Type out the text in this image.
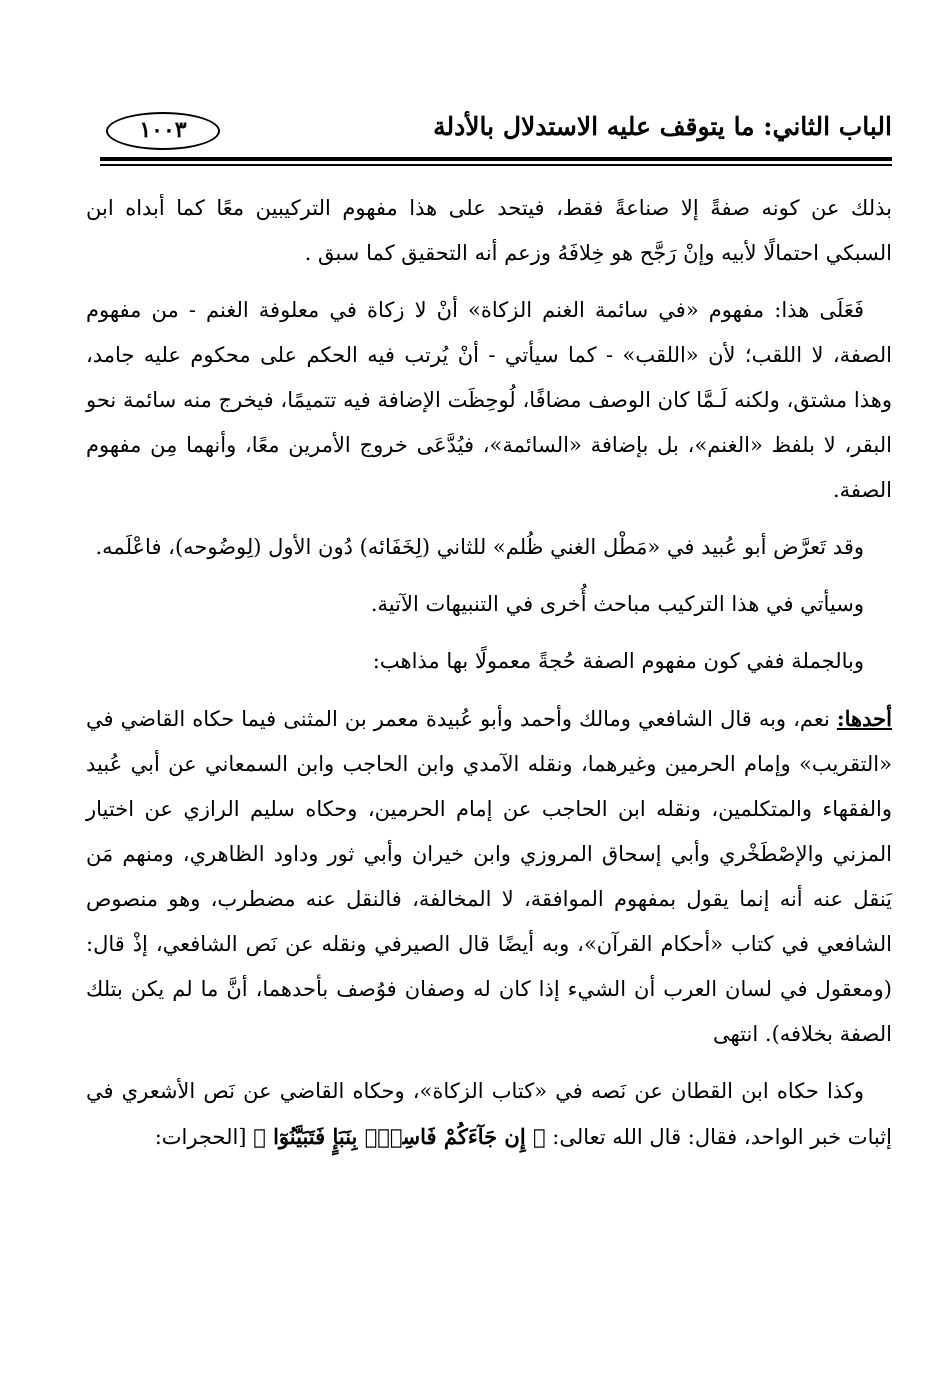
الباب الثاني: ما يتوقف عليه الاستدلال بالأدلة
١٠٠٣

بذلك عن كونه صفةً إلا صناعةً فقط، فيتحد على هذا مفهوم التركيبين معًا كما أبداه ابن السبكي احتمالًا لأبيه وإنْ رَجَّح هو خِلافَهُ وزعم أنه التحقيق كما سبق .

فَعَلَى هذا: مفهوم «في سائمة الغنم الزكاة» أنْ لا زكاة في معلوفة الغنم - من مفهوم الصفة، لا اللقب؛ لأن «اللقب» - كما سيأتي - أنْ يُرتب فيه الحكم على محكوم عليه جامد، وهذا مشتق، ولكنه لَـمَّا كان الوصف مضافًا، لُوحِظَت الإضافة فيه تتميمًا، فيخرج منه سائمة نحو البقر، لا بلفظ «الغنم»، بل بإضافة «السائمة»، فيُدَّعَى خروج الأمرين معًا، وأنهما مِن مفهوم الصفة.

وقد تَعرَّض أبو عُبيد في «مَطْل الغني ظُلم» للثاني (لِخَفَائه) دُون الأول (لِوضُوحه)، فاعْلَمه.

وسيأتي في هذا التركيب مباحث أُخرى في التنبيهات الآتية.

وبالجملة ففي كون مفهوم الصفة حُجةً معمولًا بها مذاهب:

أحدها: نعم، وبه قال الشافعي ومالك وأحمد وأبو عُبيدة معمر بن المثنى فيما حكاه القاضي في «التقريب» وإمام الحرمين وغيرهما، ونقله الآمدي وابن الحاجب وابن السمعاني عن أبي عُبيد والفقهاء والمتكلمين، ونقله ابن الحاجب عن إمام الحرمين، وحكاه سليم الرازي عن اختيار المزني والإصْطَخْري وأبي إسحاق المروزي وابن خيران وأبي ثور وداود الظاهري، ومنهم مَن يَنقل عنه أنه إنما يقول بمفهوم الموافقة، لا المخالفة، فالنقل عنه مضطرب، وهو منصوص الشافعي في كتاب «أحكام القرآن»، وبه أيضًا قال الصيرفي ونقله عن نَص الشافعي، إذْ قال: (ومعقول في لسان العرب أن الشيء إذا كان له وصفان فوُصف بأحدهما، أنَّ ما لم يكن بتلك الصفة بخلافه). انتهى

وكذا حكاه ابن القطان عن نَصه في «كتاب الزكاة»، وحكاه القاضي عن نَص الأشعري في إثبات خبر الواحد، فقال: قال الله تعالى: ﴿ إِن جَآءَكُمْ فَاسِقٌۢ بِنَبَإٍ فَتَبَيَّنُوٓا ﴾ [الحجرات:
